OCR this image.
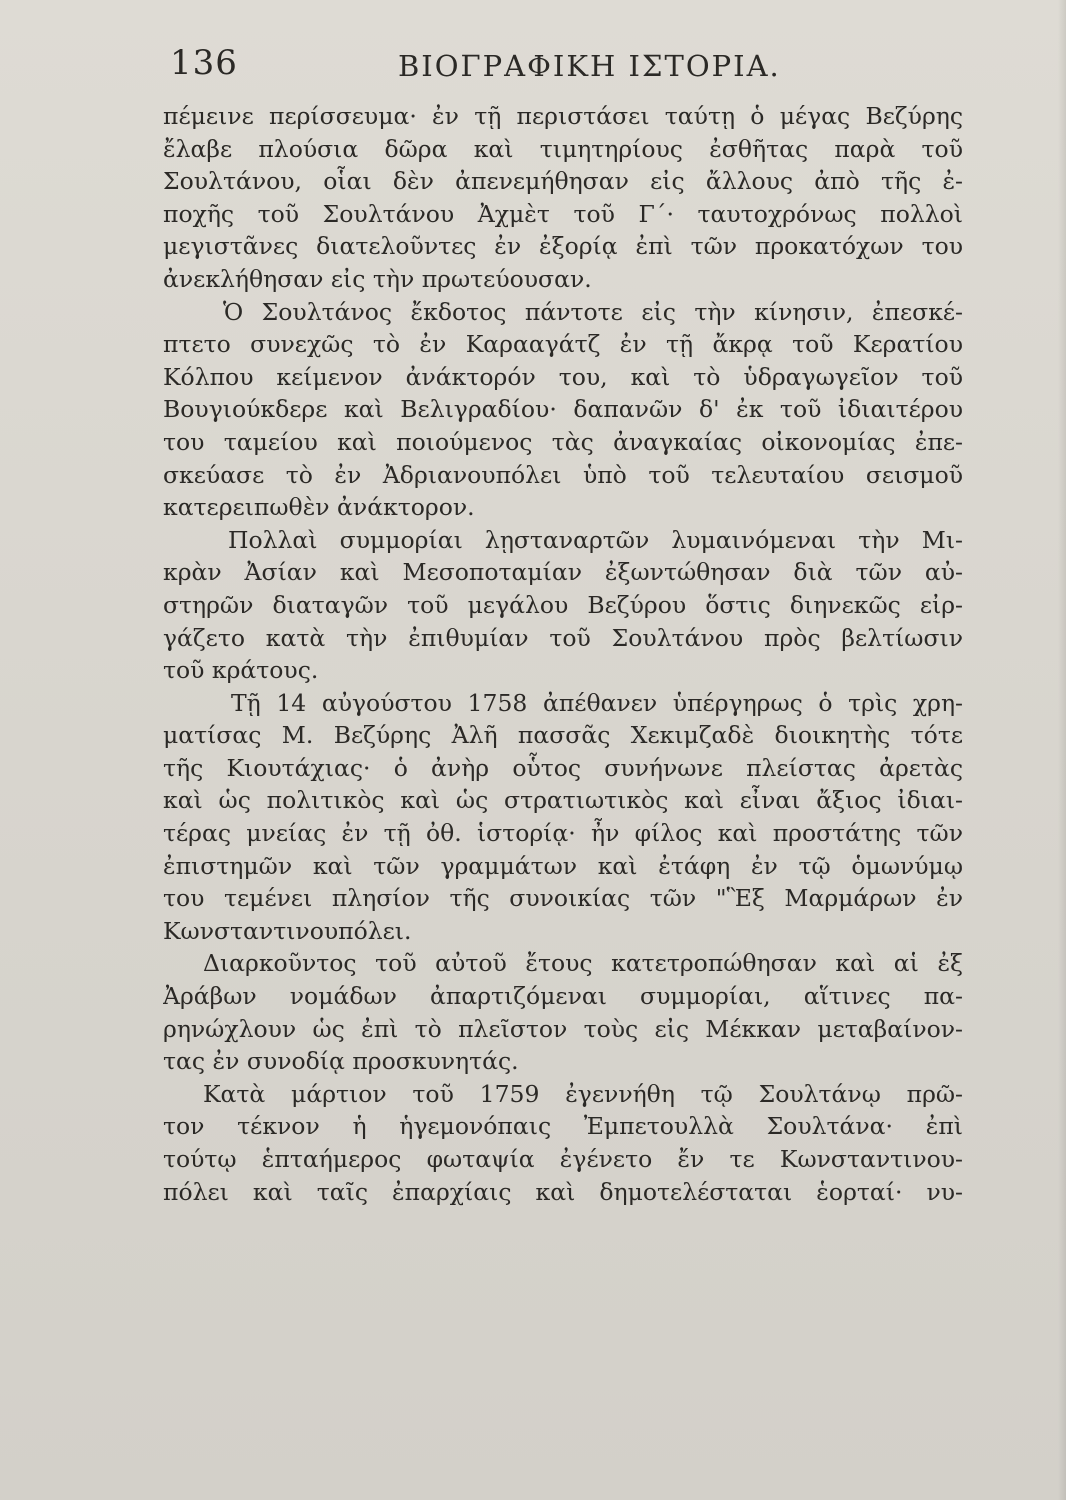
136	ΒΙΟΓΡΑΦΙΚΗ ΙΣΤΟΡΙΑ.
πέμεινε περίσσευμα· ἐν τῇ περιστάσει ταύτῃ ὁ μέγας Βεζύρης
ἔλαβε πλούσια δῶρα καὶ τιμητηρίους ἐσθῆτας παρὰ τοῦ
Σουλτάνου, οἷαι δὲν ἀπενεμήθησαν εἰς ἄλλους ἀπὸ τῆς ἐ-
ποχῆς τοῦ Σουλτάνου Ἀχμὲτ τοῦ Γ΄· ταυτοχρόνως πολλοὶ
μεγιστᾶνες διατελοῦντες ἐν ἐξορίᾳ ἐπὶ τῶν προκατόχων του
ἀνεκλήθησαν εἰς τὴν πρωτεύουσαν.
Ὁ Σουλτάνος ἔκδοτος πάντοτε εἰς τὴν κίνησιν, ἐπεσκέ-
πτετο συνεχῶς τὸ ἐν Καρααγάτζ ἐν τῇ ἄκρᾳ τοῦ Κερατίου
Κόλπου κείμενον ἀνάκτορόν του, καὶ τὸ ὑδραγωγεῖον τοῦ
Βουγιούκδερε καὶ Βελιγραδίου· δαπανῶν δ' ἐκ τοῦ ἰδιαιτέρου
του ταμείου καὶ ποιούμενος τὰς ἀναγκαίας οἰκονομίας ἐπε-
σκεύασε τὸ ἐν Ἀδριανουπόλει ὑπὸ τοῦ τελευταίου σεισμοῦ
κατερειπωθὲν ἀνάκτορον.
Πολλαὶ συμμορίαι λῃσταναρτῶν λυμαινόμεναι τὴν Μι-
κρὰν Ἀσίαν καὶ Μεσοποταμίαν ἐξωντώθησαν διὰ τῶν αὐ-
στηρῶν διαταγῶν τοῦ μεγάλου Βεζύρου ὅστις διηνεκῶς εἰρ-
γάζετο κατὰ τὴν ἐπιθυμίαν τοῦ Σουλτάνου πρὸς βελτίωσιν
τοῦ κράτους.
Τῇ 14 αὐγούστου 1758 ἀπέθανεν ὑπέργηρως ὁ τρὶς χρη-
ματίσας Μ. Βεζύρης Ἀλῆ πασσᾶς Χεκιμζαδὲ διοικητὴς τότε
τῆς Κιουτάχιας· ὁ ἀνὴρ οὗτος συνήνωνε πλείστας ἀρετὰς
καὶ ὡς πολιτικὸς καὶ ὡς στρατιωτικὸς καὶ εἶναι ἄξιος ἰδιαι-
τέρας μνείας ἐν τῇ ὀθ. ἱστορίᾳ· ἦν φίλος καὶ προστάτης τῶν
ἐπιστημῶν καὶ τῶν γραμμάτων καὶ ἐτάφη ἐν τῷ ὁμωνύμῳ
του τεμένει πλησίον τῆς συνοικίας τῶν "Ἓξ Μαρμάρων ἐν
Κωνσταντινουπόλει.
Διαρκοῦντος τοῦ αὐτοῦ ἔτους κατετροπώθησαν καὶ αἱ ἐξ
Ἀράβων νομάδων ἀπαρτιζόμεναι συμμορίαι, αἵτινες πα-
ρηνώχλουν ὡς ἐπὶ τὸ πλεῖστον τοὺς εἰς Μέκκαν μεταβαίνον-
τας ἐν συνοδίᾳ προσκυνητάς.
Κατὰ μάρτιον τοῦ 1759 ἐγεννήθη τῷ Σουλτάνῳ πρῶ-
τον τέκνον ἡ ἡγεμονόπαις Ἐμπετουλλὰ Σουλτάνα· ἐπὶ
τούτῳ ἑπταήμερος φωταψία ἐγένετο ἔν τε Κωνσταντινου-
πόλει καὶ ταῖς ἐπαρχίαις καὶ δημοτελέσταται ἑορταί· νυ-
